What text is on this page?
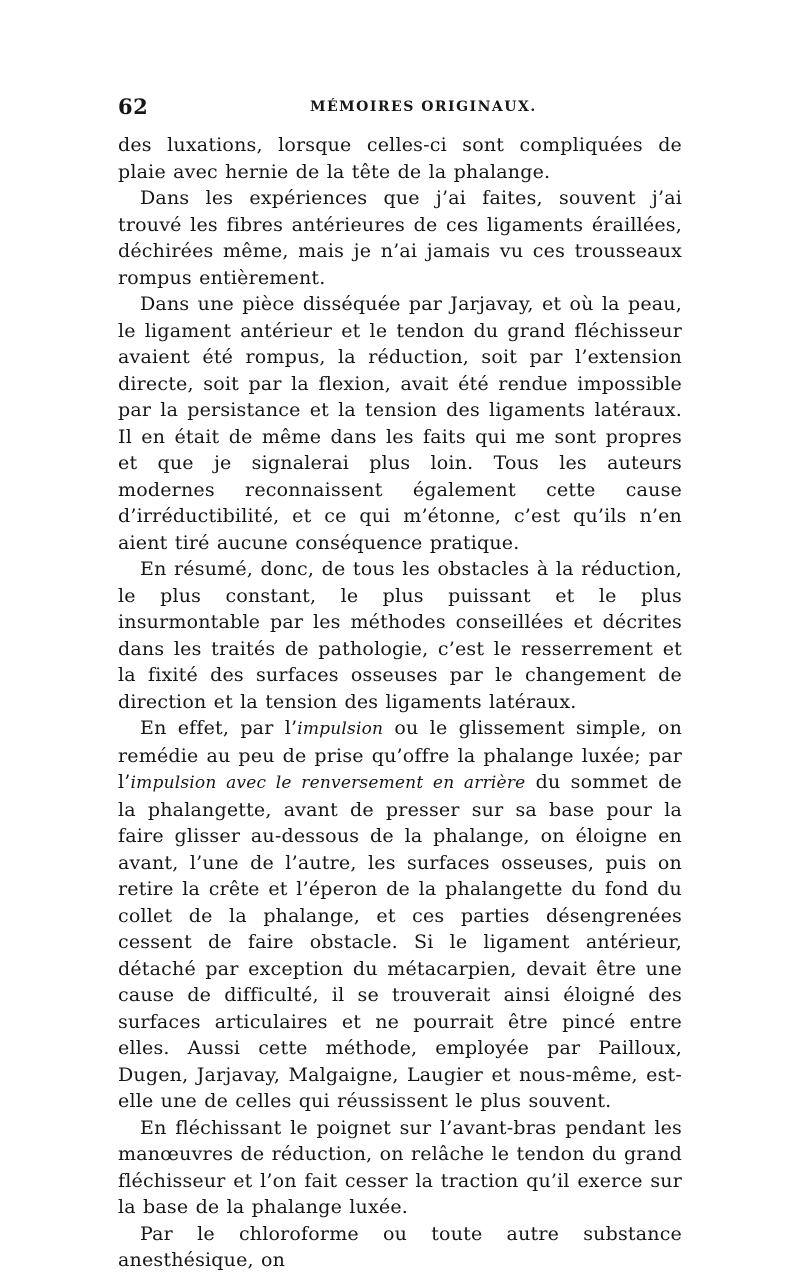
62	MÉMOIRES ORIGINAUX.

des luxations, lorsque celles-ci sont compliquées de plaie avec hernie de la tête de la phalange.

Dans les expériences que j’ai faites, souvent j’ai trouvé les fibres antérieures de ces ligaments éraillées, déchirées même, mais je n’ai jamais vu ces trousseaux rompus entièrement.

Dans une pièce disséquée par Jarjavay, et où la peau, le ligament antérieur et le tendon du grand fléchisseur avaient été rompus, la réduction, soit par l’extension directe, soit par la flexion, avait été rendue impossible par la persistance et la tension des ligaments latéraux. Il en était de même dans les faits qui me sont propres et que je signalerai plus loin. Tous les auteurs modernes reconnaissent également cette cause d’irréductibilité, et ce qui m’étonne, c’est qu’ils n’en aient tiré aucune conséquence pratique.

En résumé, donc, de tous les obstacles à la réduction, le plus constant, le plus puissant et le plus insurmontable par les méthodes conseillées et décrites dans les traités de pathologie, c’est le resserrement et la fixité des surfaces osseuses par le changement de direction et la tension des ligaments latéraux.

En effet, par l’impulsion ou le glissement simple, on remédie au peu de prise qu’offre la phalange luxée; par l’impulsion avec le renversement en arrière du sommet de la phalangette, avant de presser sur sa base pour la faire glisser au-dessous de la phalange, on éloigne en avant, l’une de l’autre, les surfaces osseuses, puis on retire la crête et l’éperon de la phalangette du fond du collet de la phalange, et ces parties désengrenées cessent de faire obstacle. Si le ligament antérieur, détaché par exception du métacarpien, devait être une cause de difficulté, il se trouverait ainsi éloigné des surfaces articulaires et ne pourrait être pincé entre elles. Aussi cette méthode, employée par Pailloux, Dugen, Jarjavay, Malgaigne, Laugier et nous-même, est-elle une de celles qui réussissent le plus souvent.

En fléchissant le poignet sur l’avant-bras pendant les manœuvres de réduction, on relâche le tendon du grand fléchisseur et l’on fait cesser la traction qu’il exerce sur la base de la phalange luxée.

Par le chloroforme ou toute autre substance anesthésique, on
